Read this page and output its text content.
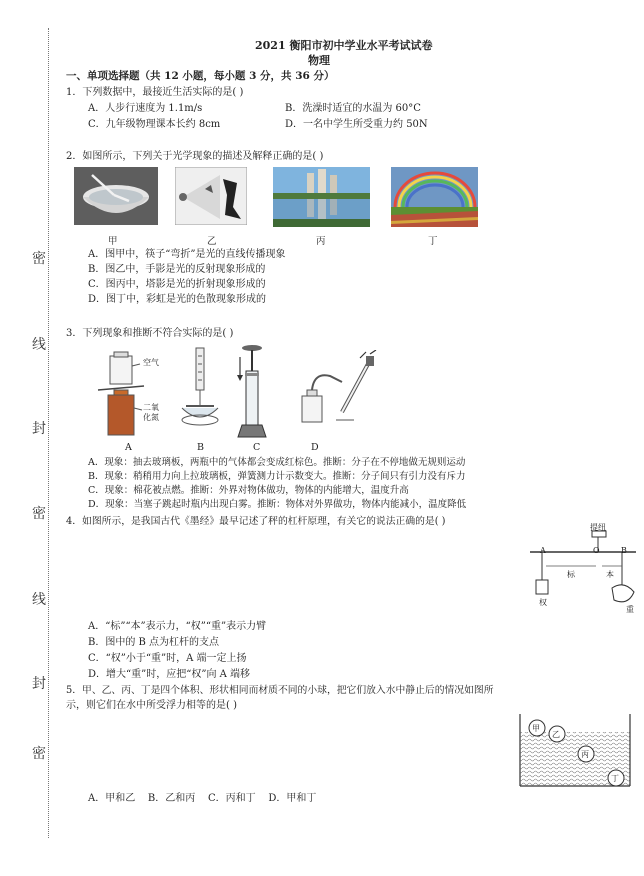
密
线
封
密
线
封
密
2021 衡阳市初中学业水平考试试卷
物理
一、单项选择题（共 12 小题，每小题 3 分，共 36 分）
1．下列数据中，最接近生活实际的是( )
A．人步行速度为 1.1m/s	B．洗澡时适宜的水温为 60°C
C．九年级物理课本长约 8cm	D．一名中学生所受重力约 50N
2．如图所示，下列关于光学现象的描述及解释正确的是( )
甲	乙	丙	丁
A．图甲中，筷子“弯折”是光的直线传播现象
B．图乙中，手影是光的反射现象形成的
C．图丙中，塔影是光的折射现象形成的
D．图丁中，彩虹是光的色散现象形成的
3．下列现象和推断不符合实际的是( )
空气
二氧化氮
A	B	C	D
A．现象：抽去玻璃板，两瓶中的气体都会变成红棕色。推断：分子在不停地做无规则运动
B．现象：稍稍用力向上拉玻璃板，弹簧测力计示数变大。推断：分子间只有引力没有斥力
C．现象：棉花被点燃。推断：外界对物体做功，物体的内能增大，温度升高
D．现象：当塞子跳起时瓶内出现白雾。推断：物体对外界做功，物体内能减小，温度降低
4．如图所示，是我国古代《墨经》最早记述了秤的杠杆原理，有关它的说法正确的是( )
A	O	B
提纽
标	本
权
重
A．“标”“本”表示力，“权”“重”表示力臂
B．图中的 B 点为杠杆的支点
C．“权”小于“重”时，A 端一定上扬
D．增大“重”时，应把“权”向 A 端移
5．甲、乙、丙、丁是四个体积、形状相同而材质不同的小球，把它们放入水中静止后的情况如图所
示，则它们在水中所受浮力相等的是( )
甲
乙
丙
丁
A．甲和乙    B．乙和丙    C．丙和丁    D．甲和丁
